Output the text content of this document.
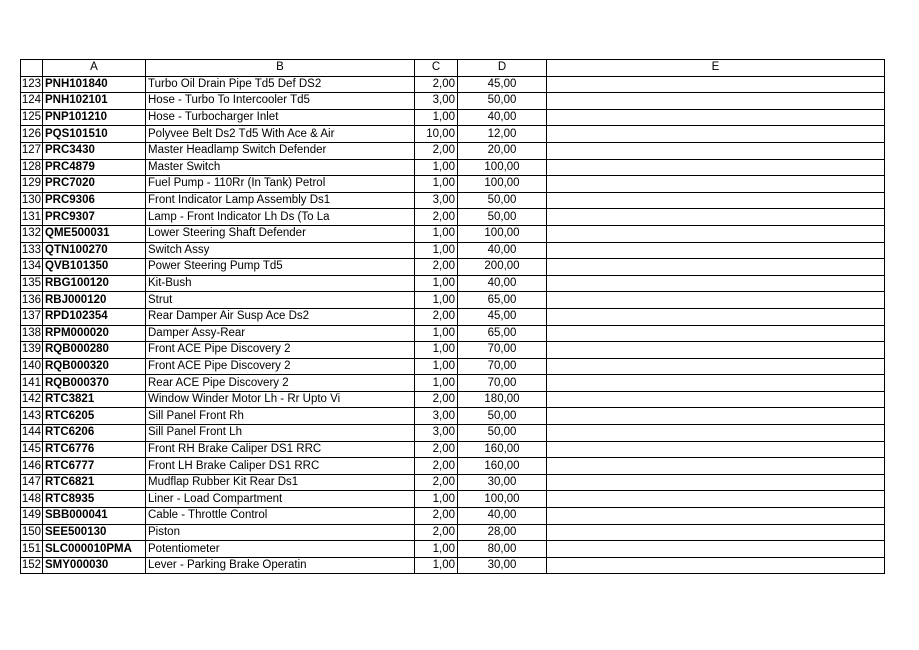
	A	B	C	D	E
123	PNH101840	Turbo Oil Drain Pipe Td5 Def DS2	2,00	45,00	
124	PNH102101	Hose - Turbo To Intercooler Td5	3,00	50,00	
125	PNP101210	Hose - Turbocharger Inlet	1,00	40,00	
126	PQS101510	Polyvee Belt Ds2 Td5 With Ace & Air	10,00	12,00	
127	PRC3430	Master Headlamp Switch Defender	2,00	20,00	
128	PRC4879	Master Switch	1,00	100,00	
129	PRC7020	Fuel Pump - 110Rr (In Tank) Petrol	1,00	100,00	
130	PRC9306	Front Indicator Lamp Assembly Ds1	3,00	50,00	
131	PRC9307	Lamp - Front Indicator Lh Ds (To La	2,00	50,00	
132	QME500031	Lower Steering Shaft Defender	1,00	100,00	
133	QTN100270	Switch Assy	1,00	40,00	
134	QVB101350	Power Steering Pump Td5	2,00	200,00	
135	RBG100120	Kit-Bush	1,00	40,00	
136	RBJ000120	Strut	1,00	65,00	
137	RPD102354	Rear Damper Air Susp Ace Ds2	2,00	45,00	
138	RPM000020	Damper Assy-Rear	1,00	65,00	
139	RQB000280	Front ACE Pipe Discovery 2	1,00	70,00	
140	RQB000320	Front ACE Pipe Discovery 2	1,00	70,00	
141	RQB000370	Rear ACE Pipe Discovery 2	1,00	70,00	
142	RTC3821	Window Winder Motor Lh - Rr Upto Vi	2,00	180,00	
143	RTC6205	Sill Panel Front Rh	3,00	50,00	
144	RTC6206	Sill Panel Front Lh	3,00	50,00	
145	RTC6776	Front RH Brake Caliper DS1 RRC	2,00	160,00	
146	RTC6777	Front LH Brake Caliper DS1 RRC	2,00	160,00	
147	RTC6821	Mudflap Rubber Kit Rear Ds1	2,00	30,00	
148	RTC8935	Liner - Load Compartment	1,00	100,00	
149	SBB000041	Cable - Throttle Control	2,00	40,00	
150	SEE500130	Piston	2,00	28,00	
151	SLC000010PMA	Potentiometer	1,00	80,00	
152	SMY000030	Lever - Parking Brake Operatin	1,00	30,00	
